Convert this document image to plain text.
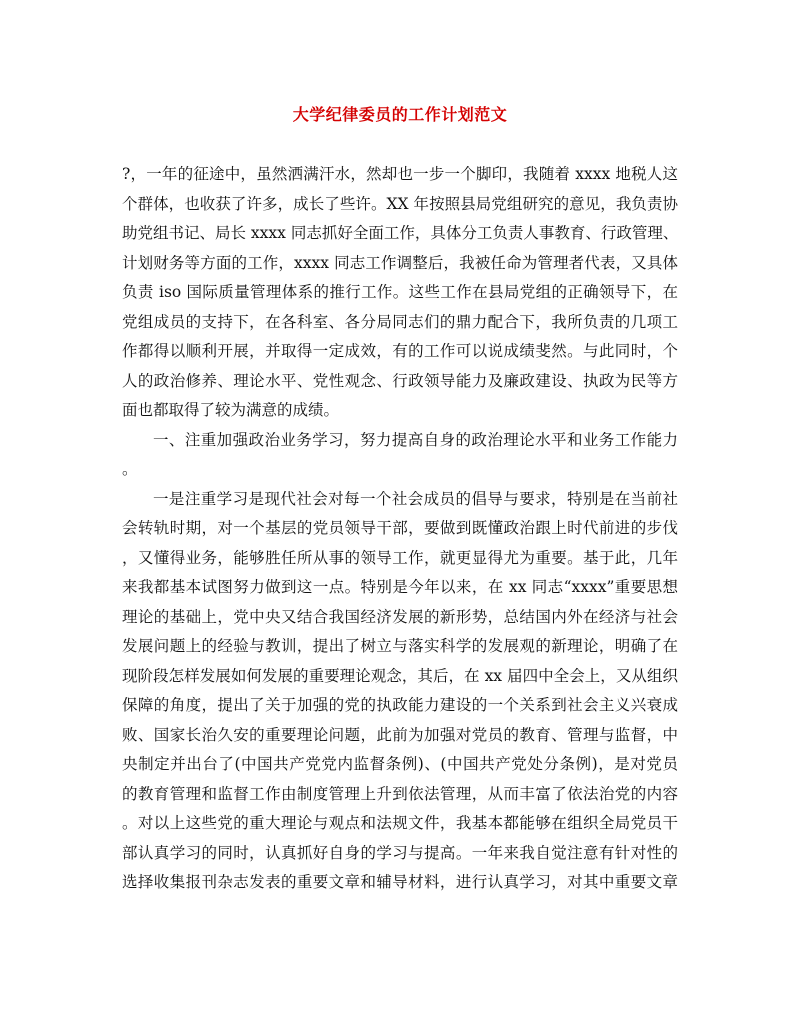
大学纪律委员的工作计划范文
?，一年的征途中，虽然洒满汗水，然却也一步一个脚印，我随着 xxxx 地税人这
个群体，也收获了许多，成长了些许。XX 年按照县局党组研究的意见，我负责协
助党组书记、局长 xxxx 同志抓好全面工作，具体分工负责人事教育、行政管理、
计划财务等方面的工作，xxxx 同志工作调整后，我被任命为管理者代表，又具体
负责 iso 国际质量管理体系的推行工作。这些工作在县局党组的正确领导下，在
党组成员的支持下，在各科室、各分局同志们的鼎力配合下，我所负责的几项工
作都得以顺利开展，并取得一定成效，有的工作可以说成绩斐然。与此同时，个
人的政治修养、理论水平、党性观念、行政领导能力及廉政建设、执政为民等方
面也都取得了较为满意的成绩。
一、注重加强政治业务学习，努力提高自身的政治理论水平和业务工作能力
。
一是注重学习是现代社会对每一个社会成员的倡导与要求，特别是在当前社
会转轨时期，对一个基层的党员领导干部，要做到既懂政治跟上时代前进的步伐
，又懂得业务，能够胜任所从事的领导工作，就更显得尤为重要。基于此，几年
来我都基本试图努力做到这一点。特别是今年以来，在 xx 同志“xxxx”重要思想
理论的基础上，党中央又结合我国经济发展的新形势，总结国内外在经济与社会
发展问题上的经验与教训，提出了树立与落实科学的发展观的新理论，明确了在
现阶段怎样发展如何发展的重要理论观念，其后，在 xx 届四中全会上，又从组织
保障的角度，提出了关于加强的党的执政能力建设的一个关系到社会主义兴衰成
败、国家长治久安的重要理论问题，此前为加强对党员的教育、管理与监督，中
央制定并出台了(中国共产党党内监督条例)、(中国共产党处分条例)，是对党员
的教育管理和监督工作由制度管理上升到依法管理，从而丰富了依法治党的内容
。对以上这些党的重大理论与观点和法规文件，我基本都能够在组织全局党员干
部认真学习的同时，认真抓好自身的学习与提高。一年来我自觉注意有针对性的
选择收集报刊杂志发表的重要文章和辅导材料，进行认真学习，对其中重要文章
